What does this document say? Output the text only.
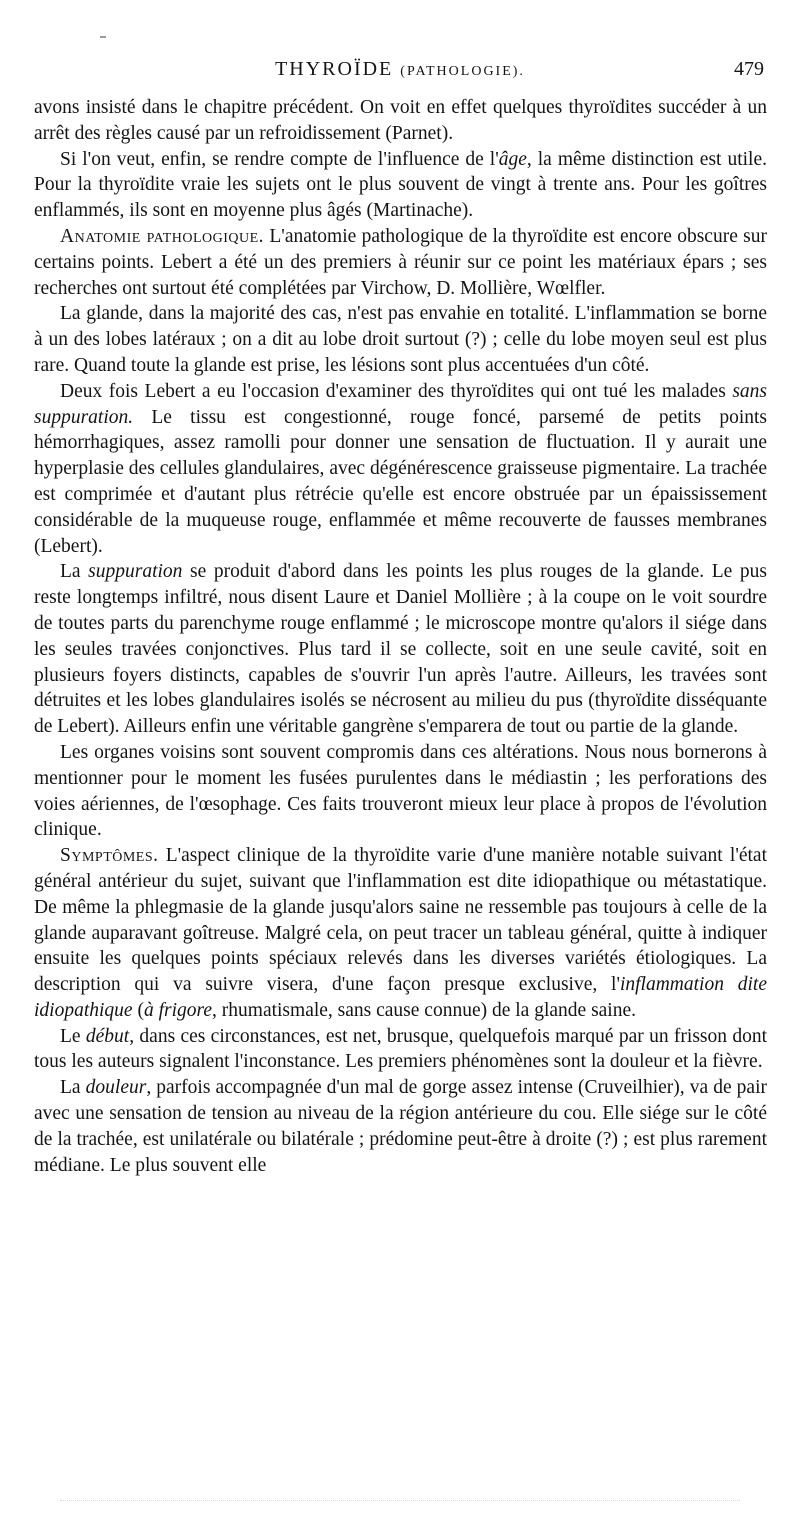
THYROÏDE (PATHOLOGIE).	479

avons insisté dans le chapitre précédent. On voit en effet quelques thyroïdites succéder à un arrêt des règles causé par un refroidissement (Parnet).

Si l'on veut, enfin, se rendre compte de l'influence de l'âge, la même distinction est utile. Pour la thyroïdite vraie les sujets ont le plus souvent de vingt à trente ans. Pour les goîtres enflammés, ils sont en moyenne plus âgés (Martinache).

Anatomie pathologique. L'anatomie pathologique de la thyroïdite est encore obscure sur certains points. Lebert a été un des premiers à réunir sur ce point les matériaux épars ; ses recherches ont surtout été complétées par Virchow, D. Mollière, Wœlfler.

La glande, dans la majorité des cas, n'est pas envahie en totalité. L'inflammation se borne à un des lobes latéraux ; on a dit au lobe droit surtout (?) ; celle du lobe moyen seul est plus rare. Quand toute la glande est prise, les lésions sont plus accentuées d'un côté.

Deux fois Lebert a eu l'occasion d'examiner des thyroïdites qui ont tué les malades sans suppuration. Le tissu est congestionné, rouge foncé, parsemé de petits points hémorrhagiques, assez ramolli pour donner une sensation de fluctuation. Il y aurait une hyperplasie des cellules glandulaires, avec dégénérescence graisseuse pigmentaire. La trachée est comprimée et d'autant plus rétrécie qu'elle est encore obstruée par un épaississement considérable de la muqueuse rouge, enflammée et même recouverte de fausses membranes (Lebert).

La suppuration se produit d'abord dans les points les plus rouges de la glande. Le pus reste longtemps infiltré, nous disent Laure et Daniel Mollière ; à la coupe on le voit sourdre de toutes parts du parenchyme rouge enflammé ; le microscope montre qu'alors il siége dans les seules travées conjonctives. Plus tard il se collecte, soit en une seule cavité, soit en plusieurs foyers distincts, capables de s'ouvrir l'un après l'autre. Ailleurs, les travées sont détruites et les lobes glandulaires isolés se nécrosent au milieu du pus (thyroïdite disséquante de Lebert). Ailleurs enfin une véritable gangrène s'emparera de tout ou partie de la glande.

Les organes voisins sont souvent compromis dans ces altérations. Nous nous bornerons à mentionner pour le moment les fusées purulentes dans le médiastin ; les perforations des voies aériennes, de l'œsophage. Ces faits trouveront mieux leur place à propos de l'évolution clinique.

Symptômes. L'aspect clinique de la thyroïdite varie d'une manière notable suivant l'état général antérieur du sujet, suivant que l'inflammation est dite idiopathique ou métastatique. De même la phlegmasie de la glande jusqu'alors saine ne ressemble pas toujours à celle de la glande auparavant goîtreuse. Malgré cela, on peut tracer un tableau général, quitte à indiquer ensuite les quelques points spéciaux relevés dans les diverses variétés étiologiques. La description qui va suivre visera, d'une façon presque exclusive, l'inflammation dite idiopathique (à frigore, rhumatismale, sans cause connue) de la glande saine.

Le début, dans ces circonstances, est net, brusque, quelquefois marqué par un frisson dont tous les auteurs signalent l'inconstance. Les premiers phénomènes sont la douleur et la fièvre.

La douleur, parfois accompagnée d'un mal de gorge assez intense (Cruveilhier), va de pair avec une sensation de tension au niveau de la région antérieure du cou. Elle siége sur le côté de la trachée, est unilatérale ou bilatérale ; prédomine peut-être à droite (?) ; est plus rarement médiane. Le plus souvent elle
